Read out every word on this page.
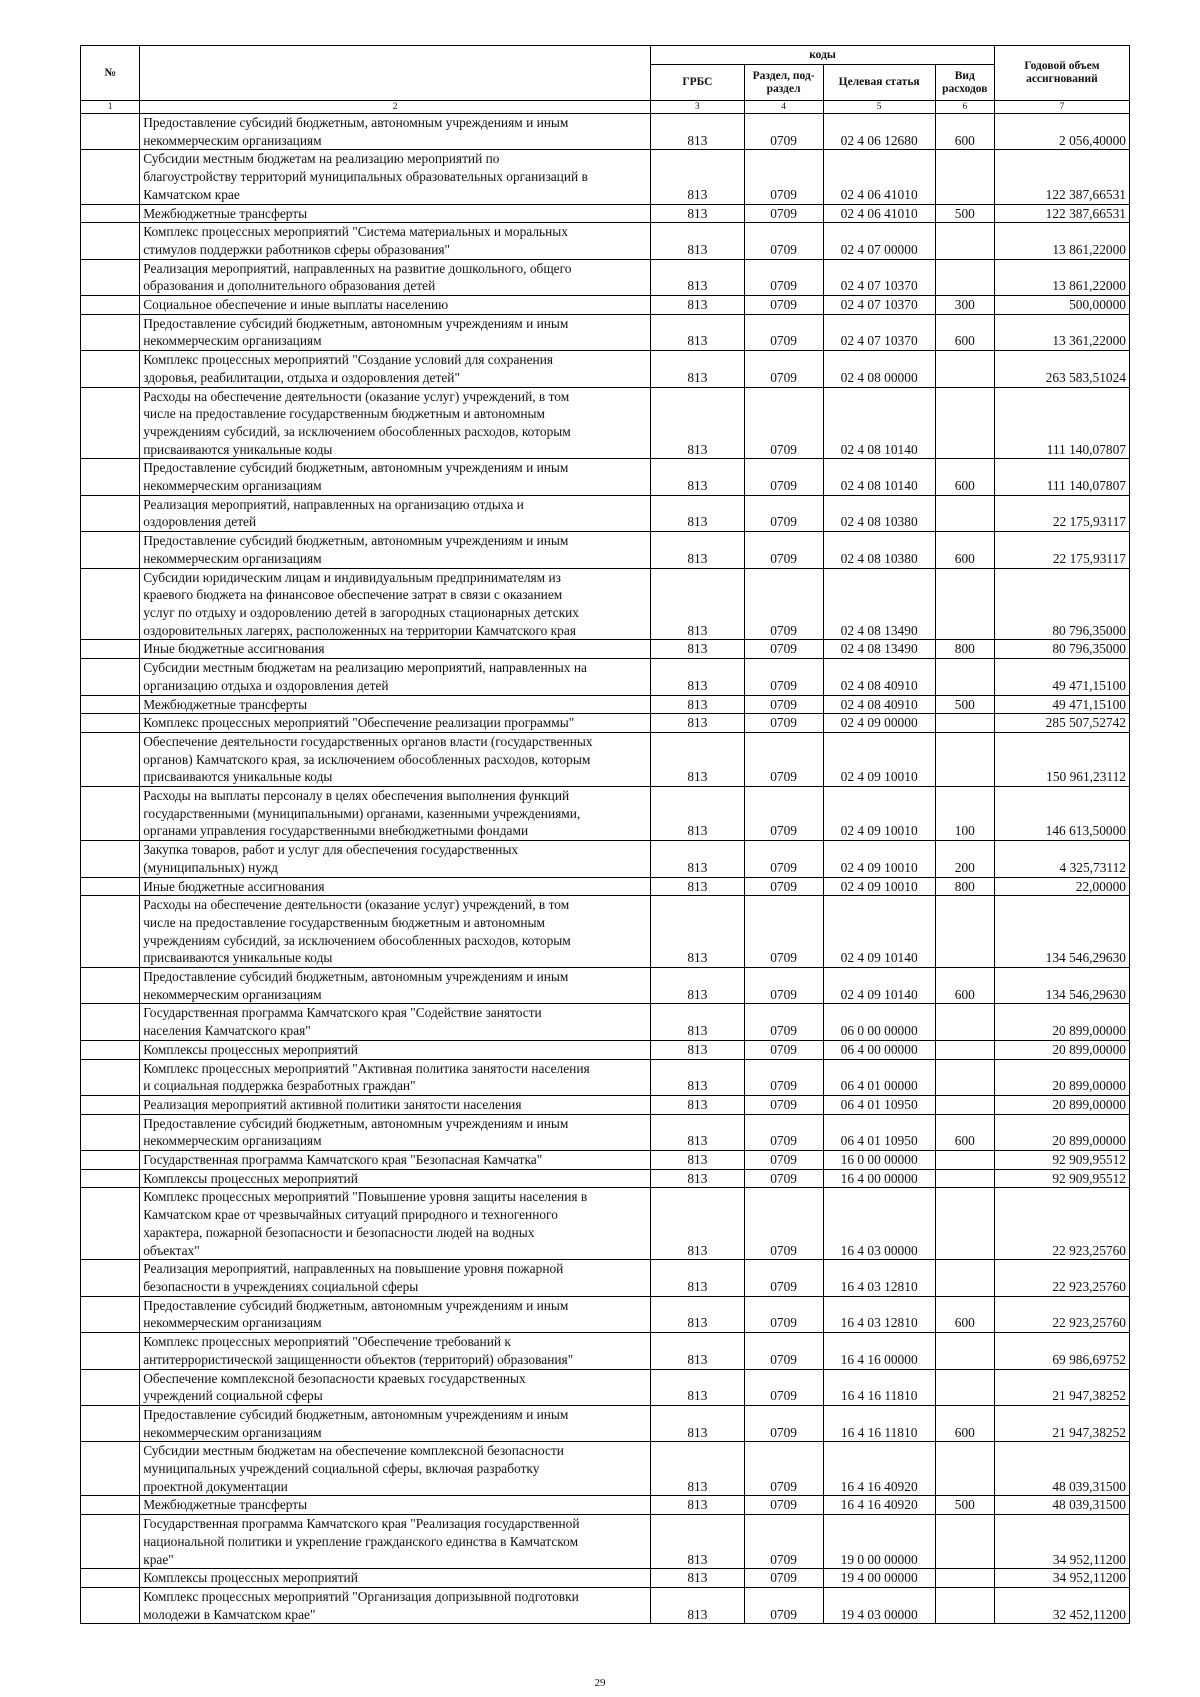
№		коды				Годовой объем ассигнований
		ГРБС	Раздел, под-раздел	Целевая статья	Вид расходов	
1	2	3	4	5	6	7
	Предоставление субсидий бюджетным, автономным учреждениям и иным
некоммерческим организациям	813	0709	02 4 06 12680	600	2 056,40000
	Субсидии местным бюджетам на реализацию мероприятий по
благоустройству территорий муниципальных образовательных организаций в
Камчатском крае	813	0709	02 4 06 41010		122 387,66531
	Межбюджетные трансферты	813	0709	02 4 06 41010	500	122 387,66531
	Комплекс процессных мероприятий "Система материальных и моральных
стимулов поддержки работников сферы образования"	813	0709	02 4 07 00000		13 861,22000
	Реализация мероприятий, направленных на развитие дошкольного, общего
образования и дополнительного образования детей	813	0709	02 4 07 10370		13 861,22000
	Социальное обеспечение и иные выплаты населению	813	0709	02 4 07 10370	300	500,00000
	Предоставление субсидий бюджетным, автономным учреждениям и иным
некоммерческим организациям	813	0709	02 4 07 10370	600	13 361,22000
	Комплекс процессных мероприятий "Создание условий для сохранения
здоровья, реабилитации, отдыха и оздоровления детей"	813	0709	02 4 08 00000		263 583,51024
	Расходы на обеспечение деятельности (оказание услуг) учреждений, в том
числе на предоставление государственным бюджетным и автономным
учреждениям субсидий, за исключением обособленных расходов, которым
присваиваются уникальные коды	813	0709	02 4 08 10140		111 140,07807
	Предоставление субсидий бюджетным, автономным учреждениям и иным
некоммерческим организациям	813	0709	02 4 08 10140	600	111 140,07807
	Реализация мероприятий, направленных на организацию отдыха и
оздоровления детей	813	0709	02 4 08 10380		22 175,93117
	Предоставление субсидий бюджетным, автономным учреждениям и иным
некоммерческим организациям	813	0709	02 4 08 10380	600	22 175,93117
	Субсидии юридическим лицам и индивидуальным предпринимателям из
краевого бюджета на финансовое обеспечение затрат в связи с оказанием
услуг по отдыху и оздоровлению детей в загородных стационарных детских
оздоровительных лагерях, расположенных на территории Камчатского края	813	0709	02 4 08 13490		80 796,35000
	Иные бюджетные ассигнования	813	0709	02 4 08 13490	800	80 796,35000
	Субсидии местным бюджетам на реализацию мероприятий, направленных на
организацию отдыха и оздоровления детей	813	0709	02 4 08 40910		49 471,15100
	Межбюджетные трансферты	813	0709	02 4 08 40910	500	49 471,15100
	Комплекс процессных мероприятий "Обеспечение реализации программы"	813	0709	02 4 09 00000		285 507,52742
	Обеспечение деятельности государственных органов власти (государственных
органов) Камчатского края, за исключением обособленных расходов, которым
присваиваются уникальные коды	813	0709	02 4 09 10010		150 961,23112
	Расходы на выплаты персоналу в целях обеспечения выполнения функций
государственными (муниципальными) органами, казенными учреждениями,
органами управления государственными внебюджетными фондами	813	0709	02 4 09 10010	100	146 613,50000
	Закупка товаров, работ и услуг для обеспечения государственных
(муниципальных) нужд	813	0709	02 4 09 10010	200	4 325,73112
	Иные бюджетные ассигнования	813	0709	02 4 09 10010	800	22,00000
	Расходы на обеспечение деятельности (оказание услуг) учреждений, в том
числе на предоставление государственным бюджетным и автономным
учреждениям субсидий, за исключением обособленных расходов, которым
присваиваются уникальные коды	813	0709	02 4 09 10140		134 546,29630
	Предоставление субсидий бюджетным, автономным учреждениям и иным
некоммерческим организациям	813	0709	02 4 09 10140	600	134 546,29630
	Государственная программа Камчатского края "Содействие занятости
населения Камчатского края"	813	0709	06 0 00 00000		20 899,00000
	Комплексы процессных мероприятий	813	0709	06 4 00 00000		20 899,00000
	Комплекс процессных мероприятий "Активная политика занятости населения
и социальная поддержка безработных граждан"	813	0709	06 4 01 00000		20 899,00000
	Реализация мероприятий активной политики занятости населения	813	0709	06 4 01 10950		20 899,00000
	Предоставление субсидий бюджетным, автономным учреждениям и иным
некоммерческим организациям	813	0709	06 4 01 10950	600	20 899,00000
	Государственная программа Камчатского края "Безопасная Камчатка"	813	0709	16 0 00 00000		92 909,95512
	Комплексы процессных мероприятий	813	0709	16 4 00 00000		92 909,95512
	Комплекс процессных мероприятий "Повышение уровня защиты населения в
Камчатском крае от чрезвычайных ситуаций природного и техногенного
характера, пожарной безопасности и безопасности людей на водных
объектах"	813	0709	16 4 03 00000		22 923,25760
	Реализация мероприятий, направленных на повышение уровня пожарной
безопасности в учреждениях социальной сферы	813	0709	16 4 03 12810		22 923,25760
	Предоставление субсидий бюджетным, автономным учреждениям и иным
некоммерческим организациям	813	0709	16 4 03 12810	600	22 923,25760
	Комплекс процессных мероприятий "Обеспечение требований к
антитеррористической защищенности объектов (территорий) образования"	813	0709	16 4 16 00000		69 986,69752
	Обеспечение комплексной безопасности краевых государственных
учреждений социальной сферы	813	0709	16 4 16 11810		21 947,38252
	Предоставление субсидий бюджетным, автономным учреждениям и иным
некоммерческим организациям	813	0709	16 4 16 11810	600	21 947,38252
	Субсидии местным бюджетам на обеспечение комплексной безопасности
муниципальных учреждений социальной сферы, включая разработку
проектной документации	813	0709	16 4 16 40920		48 039,31500
	Межбюджетные трансферты	813	0709	16 4 16 40920	500	48 039,31500
	Государственная программа Камчатского края "Реализация государственной
национальной политики и укрепление гражданского единства в Камчатском
крае"	813	0709	19 0 00 00000		34 952,11200
	Комплексы процессных мероприятий	813	0709	19 4 00 00000		34 952,11200
	Комплекс процессных мероприятий "Организация допризывной подготовки
молодежи в Камчатском крае"	813	0709	19 4 03 00000		32 452,11200
29
